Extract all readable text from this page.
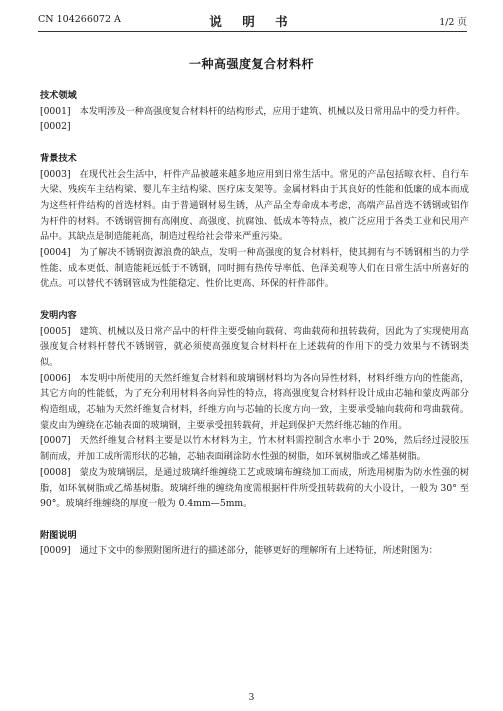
CN 104266072 A	说 明 书	1/2 页
一种高强度复合材料杆

技术领域

[0001] 本发明涉及一种高强度复合材料杆的结构形式，应用于建筑、机械以及日常用品中的受力杆件。

[0002]

背景技术

[0003] 在现代社会生活中，杆件产品被越来越多地应用到日常生活中。常见的产品包括晾衣杆、自行车大梁、残疾车主结构梁、婴儿车主结构梁、医疗床支架等。金属材料由于其良好的性能和低廉的成本而成为这些杆件结构的首选材料。由于普通钢材易生锈，从产品全寿命成本考虑，高端产品首选不锈钢或铝作为杆件的材料。不锈钢管拥有高刚度、高强度、抗腐蚀、低成本等特点，被广泛应用于各类工业和民用产品中。其缺点是制造能耗高，制造过程给社会带来严重污染。

[0004] 为了解决不锈钢资源浪费的缺点，发明一种高强度的复合材料杆，使其拥有与不锈钢相当的力学性能、成本更低、制造能耗远低于不锈钢，同时拥有热传导率低、色泽美观等人们在日常生活中所喜好的优点。可以替代不锈钢管成为性能稳定、性价比更高、环保的杆件部件。

发明内容

[0005] 建筑、机械以及日常产品中的杆件主要受轴向载荷、弯曲载荷和扭转载荷，因此为了实现使用高强度复合材料杆替代不锈钢管，就必须使高强度复合材料杆在上述载荷的作用下的受力效果与不锈钢类似。

[0006] 本发明中所使用的天然纤维复合材料和玻璃钢材料均为各向异性材料，材料纤维方向的性能高，其它方向的性能低，为了充分利用材料各向异性的特点，将高强度复合材料杆设计成由芯轴和蒙皮两部分构造组成，芯轴为天然纤维复合材料，纤维方向与芯轴的长度方向一致，主要承受轴向载荷和弯曲载荷。蒙皮由为缠绕在芯轴表面的玻璃钢，主要承受扭转载荷，并起到保护天然纤维芯轴的作用。

[0007] 天然纤维复合材料主要是以竹木材料为主，竹木材料需控制含水率小于 20%，然后经过浸胶压制而成，并加工成所需形状的芯轴，芯轴表面刷涂防水性强的树脂，如环氧树脂或乙烯基树脂。

[0008] 蒙皮为玻璃钢层，是通过玻璃纤维缠绕工艺或玻璃布缠绕加工而成，所选用树脂为防水性强的树脂，如环氧树脂或乙烯基树脂。玻璃纤维的缠绕角度需根据杆件所受扭转载荷的大小设计，一般为 30° 至 90°。玻璃纤维缠绕的厚度一般为 0.4mm—5mm。

附图说明

[0009] 通过下文中的参照附图所进行的描述部分，能够更好的理解所有上述特征，所述附图为：

3
